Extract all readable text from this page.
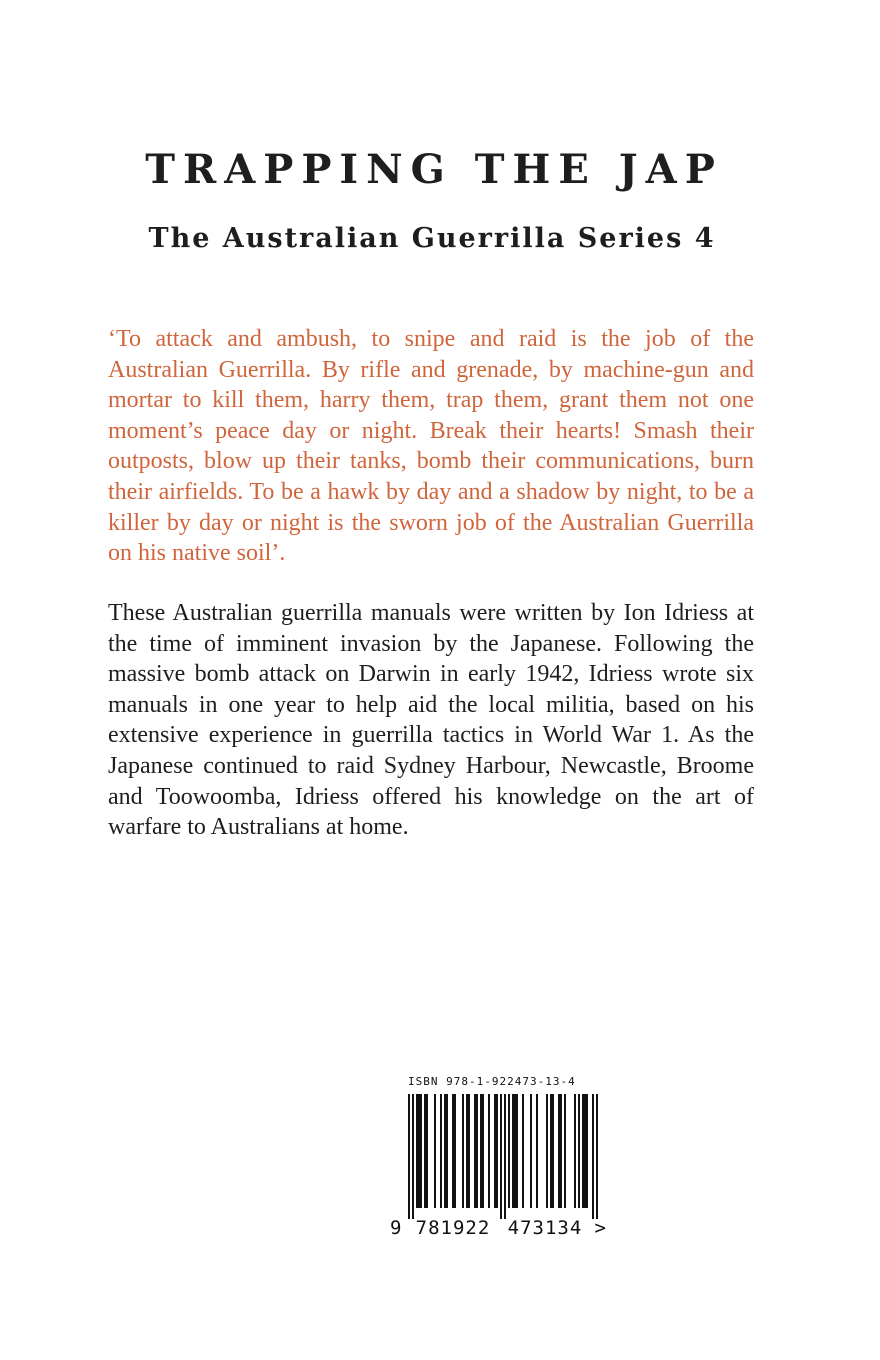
TRAPPING THE JAP
The Australian Guerrilla Series 4

‘To attack and ambush, to snipe and raid is the job of the Australian Guerrilla. By rifle and grenade, by machine-gun and mortar to kill them, harry them, trap them, grant them not one moment’s peace day or night. Break their hearts! Smash their outposts, blow up their tanks, bomb their communications, burn their airfields. To be a hawk by day and a shadow by night, to be a killer by day or night is the sworn job of the Australian Guerrilla on his native soil’.

These Australian guerrilla manuals were written by Ion Idriess at the time of imminent invasion by the Japanese. Following the massive bomb attack on Darwin in early 1942, Idriess wrote six manuals in one year to help aid the local militia, based on his extensive experience in guerrilla tactics in World War 1. As the Japanese continued to raid Sydney Harbour, Newcastle, Broome and Toowoomba, Idriess offered his knowledge on the art of warfare to Australians at home.

ISBN 978-1-922473-13-4
9 781922 473134 >
